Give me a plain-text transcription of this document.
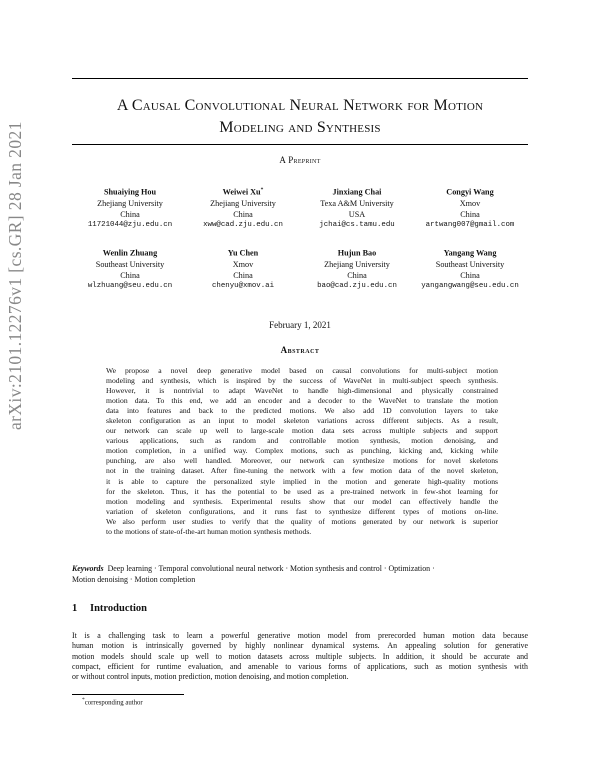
arXiv:2101.12276v1 [cs.GR] 28 Jan 2021
A Causal Convolutional Neural Network for Motion
Modeling and Synthesis
A Preprint
Shuaiying Hou
Zhejiang University
China
11721044@zju.edu.cn
Weiwei Xu*
Zhejiang University
China
xww@cad.zju.edu.cn
Jinxiang Chai
Texa A&M University
USA
jchai@cs.tamu.edu
Congyi Wang
Xmov
China
artwang007@gmail.com
Wenlin Zhuang
Southeast University
China
wlzhuang@seu.edu.cn
Yu Chen
Xmov
China
chenyu@xmov.ai
Hujun Bao
Zhejiang University
China
bao@cad.zju.edu.cn
Yangang Wang
Southeast University
China
yangangwang@seu.edu.cn
February 1, 2021
Abstract
We propose a novel deep generative model based on causal convolutions for multi-subject motion
modeling and synthesis, which is inspired by the success of WaveNet in multi-subject speech synthesis.
However, it is nontrivial to adapt WaveNet to handle high-dimensional and physically constrained
motion data. To this end, we add an encoder and a decoder to the WaveNet to translate the motion
data into features and back to the predicted motions. We also add 1D convolution layers to take
skeleton configuration as an input to model skeleton variations across different subjects. As a result,
our network can scale up well to large-scale motion data sets across multiple subjects and support
various applications, such as random and controllable motion synthesis, motion denoising, and
motion completion, in a unified way. Complex motions, such as punching, kicking and, kicking while
punching, are also well handled. Moreover, our network can synthesize motions for novel skeletons
not in the training dataset. After fine-tuning the network with a few motion data of the novel skeleton,
it is able to capture the personalized style implied in the motion and generate high-quality motions
for the skeleton. Thus, it has the potential to be used as a pre-trained network in few-shot learning for
motion modeling and synthesis. Experimental results show that our model can effectively handle the
variation of skeleton configurations, and it runs fast to synthesize different types of motions on-line.
We also perform user studies to verify that the quality of motions generated by our network is superior
to the motions of state-of-the-art human motion synthesis methods.
Keywords Deep learning · Temporal convolutional neural network · Motion synthesis and control · Optimization ·
Motion denoising · Motion completion
1 Introduction
It is a challenging task to learn a powerful generative motion model from prerecorded human motion data because
human motion is intrinsically governed by highly nonlinear dynamical systems. An appealing solution for generative
motion models should scale up well to motion datasets across multiple subjects. In addition, it should be accurate and
compact, efficient for runtime evaluation, and amenable to various forms of applications, such as motion synthesis with
or without control inputs, motion prediction, motion denoising, and motion completion.
*corresponding author
